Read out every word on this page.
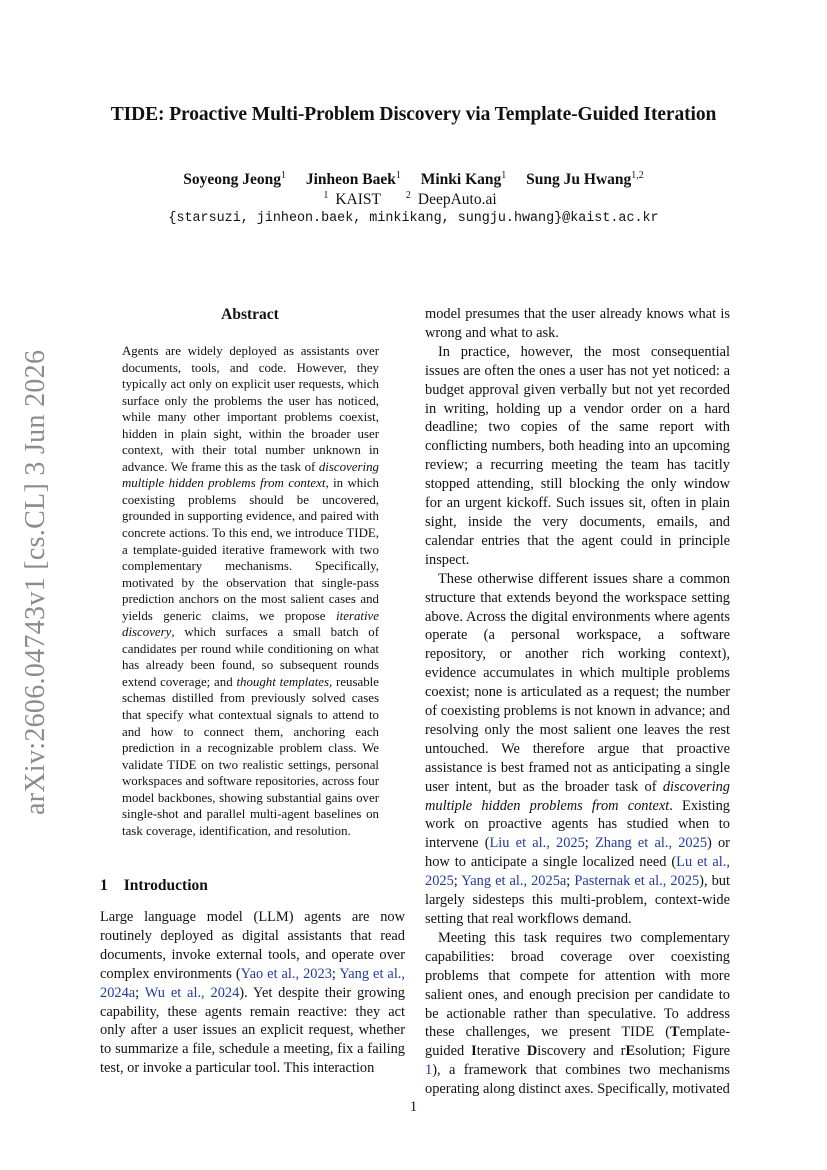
arXiv:2606.04743v1 [cs.CL] 3 Jun 2026
TIDE: Proactive Multi-Problem Discovery via Template-Guided Iteration
Soyeong Jeong$^1$ Jinheon Baek$^1$ Minki Kang$^1$ Sung Ju Hwang$^{1,2}$
$^1$ KAIST $^2$ DeepAuto.ai
{starsuzi, jinheon.baek, minkikang, sungju.hwang}@kaist.ac.kr
Abstract
Agents are widely deployed as assistants over documents, tools, and code. However, they typically act only on explicit user requests, which surface only the problems the user has noticed, while many other important problems coexist, hidden in plain sight, within the broader user context, with their total number unknown in advance. We frame this as the task of discovering multiple hidden problems from context, in which coexisting problems should be uncovered, grounded in supporting evidence, and paired with concrete actions. To this end, we introduce TIDE, a template-guided iterative framework with two complementary mechanisms. Specifically, motivated by the observation that single-pass prediction anchors on the most salient cases and yields generic claims, we propose iterative discovery, which surfaces a small batch of candidates per round while conditioning on what has already been found, so subsequent rounds extend coverage; and thought templates, reusable schemas distilled from previously solved cases that specify what contextual signals to attend to and how to connect them, anchoring each prediction in a recognizable problem class. We validate TIDE on two realistic settings, personal workspaces and software repositories, across four model backbones, showing substantial gains over single-shot and parallel multi-agent baselines on task coverage, identification, and resolution.
1 Introduction

Large language model (LLM) agents are now routinely deployed as digital assistants that read documents, invoke external tools, and operate over complex environments (Yao et al., 2023; Yang et al., 2024a; Wu et al., 2024). Yet despite their growing capability, these agents remain reactive: they act only after a user issues an explicit request, whether to summarize a file, schedule a meeting, fix a failing test, or invoke a particular tool. This interaction

model presumes that the user already knows what is wrong and what to ask.

In practice, however, the most consequential issues are often the ones a user has not yet noticed: a budget approval given verbally but not yet recorded in writing, holding up a vendor order on a hard deadline; two copies of the same report with conflicting numbers, both heading into an upcoming review; a recurring meeting the team has tacitly stopped attending, still blocking the only window for an urgent kickoff. Such issues sit, often in plain sight, inside the very documents, emails, and calendar entries that the agent could in principle inspect.

These otherwise different issues share a common structure that extends beyond the workspace setting above. Across the digital environments where agents operate (a personal workspace, a software repository, or another rich working context), evidence accumulates in which multiple problems coexist; none is articulated as a request; the number of coexisting problems is not known in advance; and resolving only the most salient one leaves the rest untouched. We therefore argue that proactive assistance is best framed not as anticipating a single user intent, but as the broader task of discovering multiple hidden problems from context. Existing work on proactive agents has studied when to intervene (Liu et al., 2025; Zhang et al., 2025) or how to anticipate a single localized need (Lu et al., 2025; Yang et al., 2025a; Pasternak et al., 2025), but largely sidesteps this multi-problem, context-wide setting that real workflows demand.

Meeting this task requires two complementary capabilities: broad coverage over coexisting problems that compete for attention with more salient ones, and enough precision per candidate to be actionable rather than speculative. To address these challenges, we present TIDE (Template-guided Iterative Discovery and rEsolution; Figure 1), a framework that combines two mechanisms operating along distinct axes. Specifically, motivated

1
